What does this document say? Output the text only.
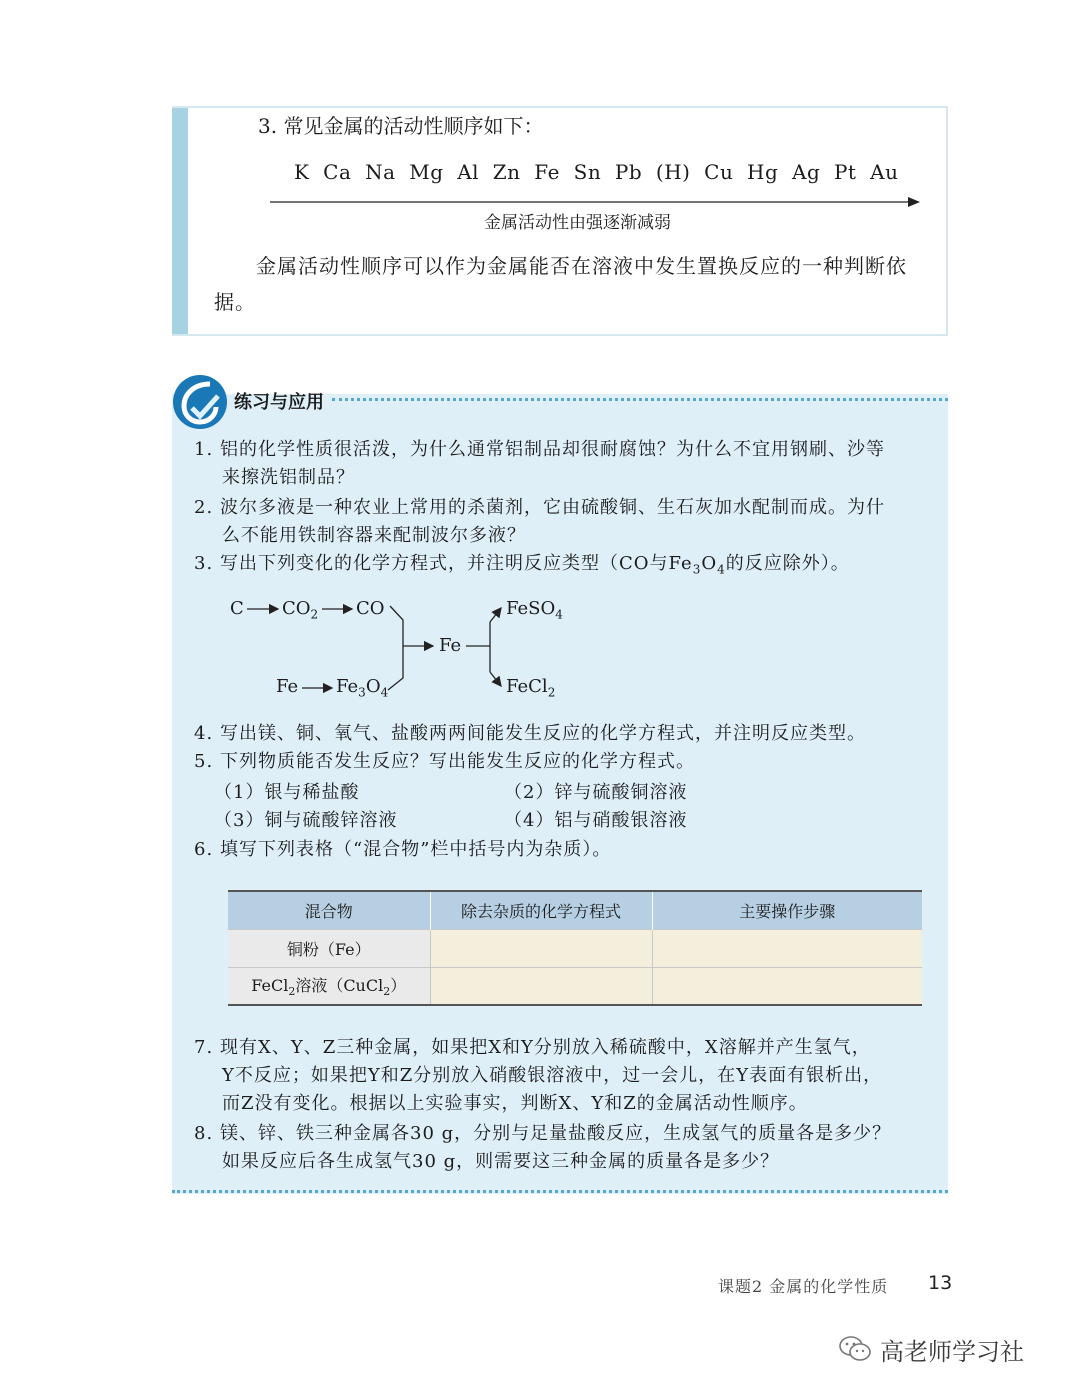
3. 常见金属的活动性顺序如下：
K  Ca  Na  Mg  Al  Zn  Fe  Sn  Pb  (H)  Cu  Hg  Ag  Pt  Au
金属活动性由强逐渐减弱
金属活动性顺序可以作为金属能否在溶液中发生置换反应的一种判断依据。
练习与应用
1. 铝的化学性质很活泼，为什么通常铝制品却很耐腐蚀？为什么不宜用钢刷、沙等
来擦洗铝制品？
2. 波尔多液是一种农业上常用的杀菌剂，它由硫酸铜、生石灰加水配制而成。为什
么不能用铁制容器来配制波尔多液？
3. 写出下列变化的化学方程式，并注明反应类型（CO与$Fe_3O_4$的反应除外）。
C $CO_2$ CO
Fe $Fe_3O_4$
Fe
FeSO$_4$
FeCl$_2$
4. 写出镁、铜、氧气、盐酸两两间能发生反应的化学方程式，并注明反应类型。
5. 下列物质能否发生反应？写出能发生反应的化学方程式。
（1）银与稀盐酸	（2）锌与硫酸铜溶液
（3）铜与硫酸锌溶液	（4）铝与硝酸银溶液
6. 填写下列表格（“混合物”栏中括号内为杂质）。
混合物	除去杂质的化学方程式	主要操作步骤
铜粉（Fe）		
FeCl$_2$溶液（CuCl$_2$）		
7. 现有X、Y、Z三种金属，如果把X和Y分别放入稀硫酸中，X溶解并产生氢气，
Y不反应；如果把Y和Z分别放入硝酸银溶液中，过一会儿，在Y表面有银析出，
而Z没有变化。根据以上实验事实，判断X、Y和Z的金属活动性顺序。
8. 镁、锌、铁三种金属各30 g，分别与足量盐酸反应，生成氢气的质量各是多少？
如果反应后各生成氢气30 g，则需要这三种金属的质量各是多少？
课题2 金属的化学性质 13
高老师学习社
